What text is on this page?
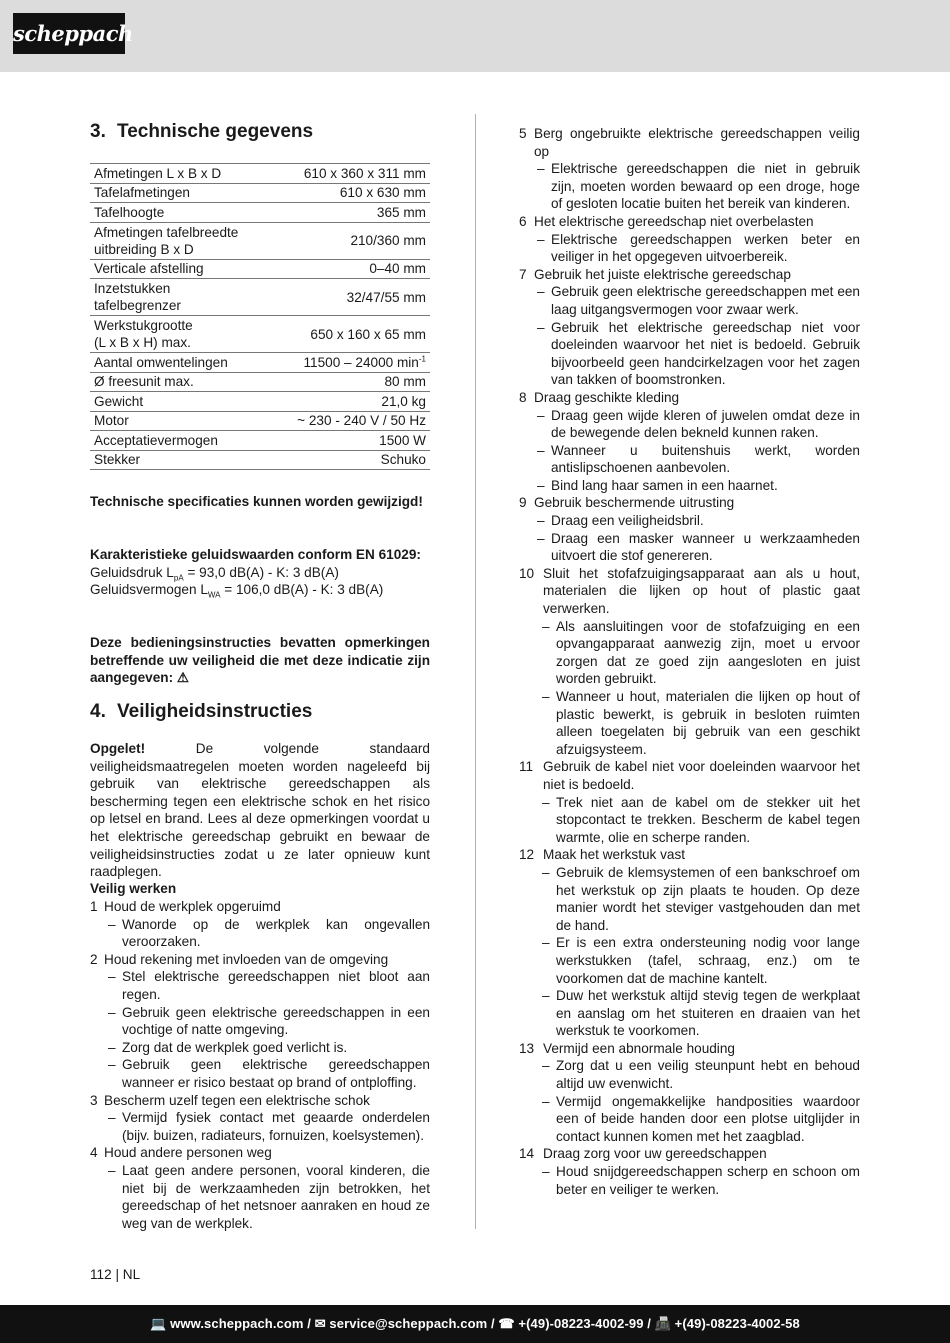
scheppach
3. Technische gegevens
Afmetingen L x B x D	610 x 360 x 311 mm

Tafelafmetingen	610 x 630 mm

Tafelhoogte	365 mm

Afmetingen tafelbreedte
uitbreiding B x D	210/360 mm

Verticale afstelling	0–40 mm

Inzetstukken
tafelbegrenzer	32/47/55 mm

Werkstukgrootte
(L x B x H) max.	650 x 160 x 65 mm

Aantal omwentelingen	11500 – 24000 $\min^{-1}$

Ø freesunit max.	80 mm

Gewicht	21,0 kg

Motor	~ 230 - 240 V / 50 Hz

Acceptatievermogen	1500 W

Stekker	Schuko
Technische specificaties kunnen worden gewijzigd!
Karakteristieke geluidswaarden conform EN 61029:
Geluidsdruk $L_{pA} = 93,0$ dB(A) - K: 3 dB(A)
Geluidsvermogen $L_{WA} = 106,0$ dB(A) - K: 3 dB(A)
Deze bedieningsinstructies bevatten opmerkingen betreffende uw veiligheid die met deze indicatie zijn aangegeven: ⚠
4. Veiligheidsinstructies
Opgelet! De volgende standaard veiligheidsmaatregelen moeten worden nageleefd bij gebruik van elektrische gereedschappen als bescherming tegen een elektrische schok en het risico op letsel en brand. Lees al deze opmerkingen voordat u het elektrische gereedschap gebruikt en bewaar de veiligheidsinstructies zodat u ze later opnieuw kunt raadplegen.
Veilig werken
1 Houd de werkplek opgeruimd
– Wanorde op de werkplek kan ongevallen veroorzaken.
2 Houd rekening met invloeden van de omgeving
– Stel elektrische gereedschappen niet bloot aan regen.
– Gebruik geen elektrische gereedschappen in een vochtige of natte omgeving.
– Zorg dat de werkplek goed verlicht is.
– Gebruik geen elektrische gereedschappen wanneer er risico bestaat op brand of ontploffing.
3 Bescherm uzelf tegen een elektrische schok
– Vermijd fysiek contact met geaarde onderdelen (bijv. buizen, radiateurs, fornuizen, koelsystemen).
4 Houd andere personen weg
– Laat geen andere personen, vooral kinderen, die niet bij de werkzaamheden zijn betrokken, het gereedschap of het netsnoer aanraken en houd ze weg van de werkplek.
5 Berg ongebruikte elektrische gereedschappen veilig op
– Elektrische gereedschappen die niet in gebruik zijn, moeten worden bewaard op een droge, hoge of gesloten locatie buiten het bereik van kinderen.
6 Het elektrische gereedschap niet overbelasten
– Elektrische gereedschappen werken beter en veiliger in het opgegeven uitvoerbereik.
7 Gebruik het juiste elektrische gereedschap
– Gebruik geen elektrische gereedschappen met een laag uitgangsvermogen voor zwaar werk.
– Gebruik het elektrische gereedschap niet voor doeleinden waarvoor het niet is bedoeld. Gebruik bijvoorbeeld geen handcirkelzagen voor het zagen van takken of boomstronken.
8 Draag geschikte kleding
– Draag geen wijde kleren of juwelen omdat deze in de bewegende delen bekneld kunnen raken.
– Wanneer u buitenshuis werkt, worden antislipschoenen aanbevolen.
– Bind lang haar samen in een haarnet.
9 Gebruik beschermende uitrusting
– Draag een veiligheidsbril.
– Draag een masker wanneer u werkzaamheden uitvoert die stof genereren.
10 Sluit het stofafzuigingsapparaat aan als u hout, materialen die lijken op hout of plastic gaat verwerken.
– Als aansluitingen voor de stofafzuiging en een opvangapparaat aanwezig zijn, moet u ervoor zorgen dat ze goed zijn aangesloten en juist worden gebruikt.
– Wanneer u hout, materialen die lijken op hout of plastic bewerkt, is gebruik in besloten ruimten alleen toegelaten bij gebruik van een geschikt afzuigsysteem.
11 Gebruik de kabel niet voor doeleinden waarvoor het niet is bedoeld.
– Trek niet aan de kabel om de stekker uit het stopcontact te trekken. Bescherm de kabel tegen warmte, olie en scherpe randen.
12 Maak het werkstuk vast
– Gebruik de klemsystemen of een bankschroef om het werkstuk op zijn plaats te houden. Op deze manier wordt het steviger vastgehouden dan met de hand.
– Er is een extra ondersteuning nodig voor lange werkstukken (tafel, schraag, enz.) om te voorkomen dat de machine kantelt.
– Duw het werkstuk altijd stevig tegen de werkplaat en aanslag om het stuiteren en draaien van het werkstuk te voorkomen.
13 Vermijd een abnormale houding
– Zorg dat u een veilig steunpunt hebt en behoud altijd uw evenwicht.
– Vermijd ongemakkelijke handposities waardoor een of beide handen door een plotse uitglijder in contact kunnen komen met het zaagblad.
14 Draag zorg voor uw gereedschappen
– Houd snijdgereedschappen scherp en schoon om beter en veiliger te werken.
112 | NL
💻 www.scheppach.com / ✉ service@scheppach.com / ☎ +(49)-08223-4002-99 / 📠 +(49)-08223-4002-58
